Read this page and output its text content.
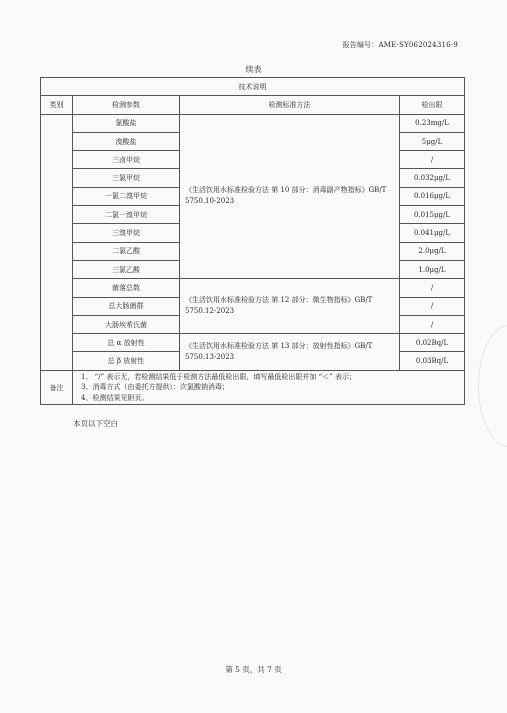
报告编号：AME-SY062024316-9
续表
技术说明			
类别	检测参数	检测标准方法	检出限
	氯酸盐	《生活饮用水标准检验方法 第 10 部分：消毒副产物指标》GB/T 5750.10-2023	0.23mg/L
	溴酸盐		5μg/L
	三卤甲烷		/
	三氯甲烷		0.032μg/L
	一氯二溴甲烷		0.016μg/L
	二氯一溴甲烷		0.015μg/L
	三溴甲烷		0.041μg/L
	二氯乙酸		2.0μg/L
	三氯乙酸		1.0μg/L
	菌落总数	《生活饮用水标准检验方法 第 12 部分：微生物指标》GB/T 5750.12-2023	/
	总大肠菌群		/
	大肠埃希氏菌		/
	总 α 放射性	《生活饮用水标准检验方法 第 13 部分：放射性指标》GB/T 5750.13-2023	0.02Bq/L
	总 β 放射性		0.03Bq/L
备注	1、 “/” 表示无，若检测结果低于检测方法最低检出限，填写最低检出限并加 “＜” 表示；
3、消毒方式（由委托方提供）：次氯酸钠消毒；
4、检测结果见附页。		
本页以下空白
第 5 页，共 7 页
